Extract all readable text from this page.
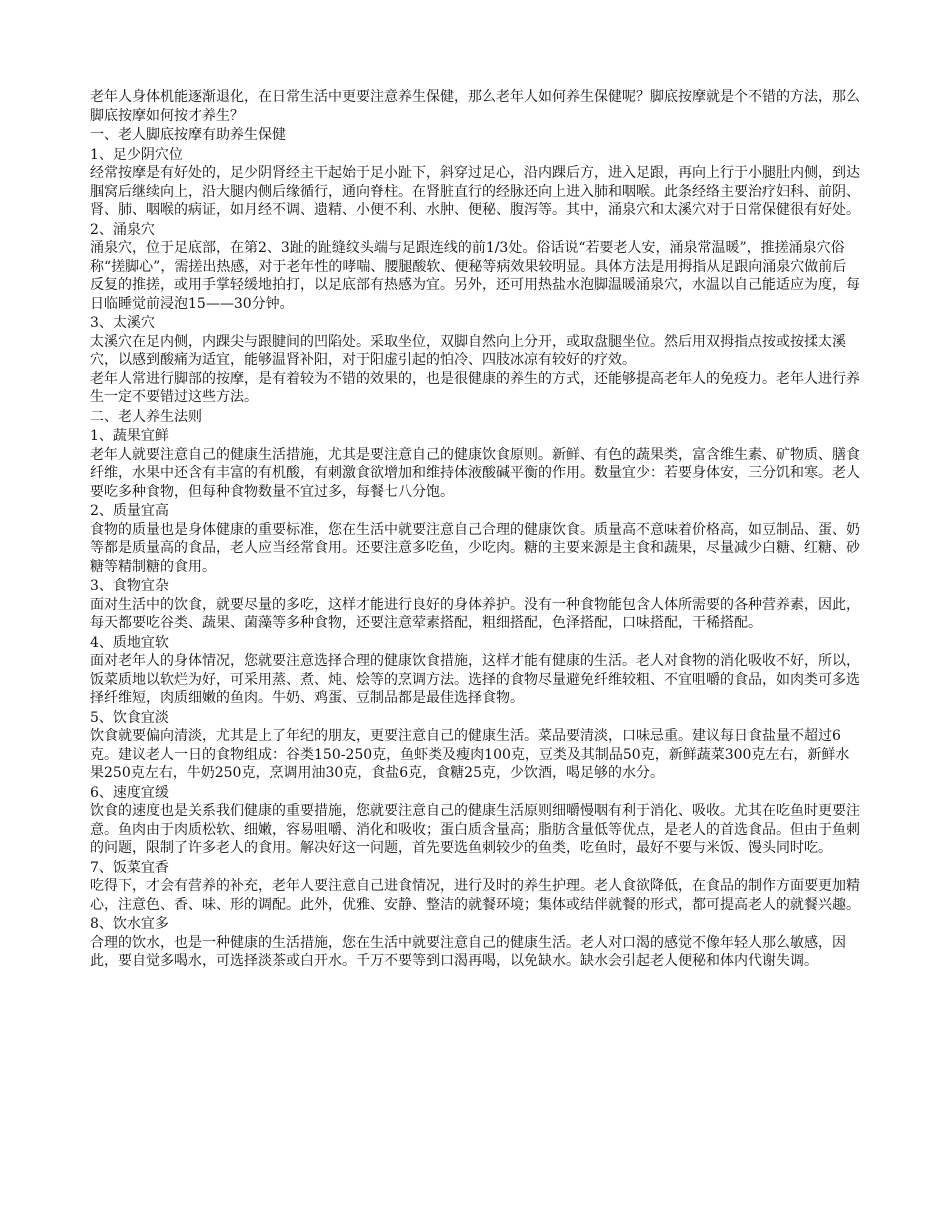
老年人身体机能逐渐退化，在日常生活中更要注意养生保健，那么老年人如何养生保健呢？脚底按摩就是个不错的方法，那么脚底按摩如何按才养生？
一、老人脚底按摩有助养生保健
1、足少阴穴位
经常按摩是有好处的，足少阴肾经主干起始于足小趾下，斜穿过足心，沿内踝后方，进入足跟，再向上行于小腿肚内侧，到达腘窝后继续向上，沿大腿内侧后缘循行，通向脊柱。在肾脏直行的经脉还向上进入肺和咽喉。此条经络主要治疗妇科、前阴、肾、肺、咽喉的病证，如月经不调、遗精、小便不利、水肿、便秘、腹泻等。其中，涌泉穴和太溪穴对于日常保健很有好处。
2、涌泉穴
涌泉穴，位于足底部，在第2、3趾的趾缝纹头端与足跟连线的前1/3处。俗话说“若要老人安，涌泉常温暖”，推搓涌泉穴俗称“搓脚心”，需搓出热感，对于老年性的哮喘、腰腿酸软、便秘等病效果较明显。具体方法是用拇指从足跟向涌泉穴做前后反复的推搓，或用手掌轻缓地拍打，以足底部有热感为宜。另外，还可用热盐水泡脚温暖涌泉穴，水温以自己能适应为度，每日临睡觉前浸泡15——30分钟。
3、太溪穴
太溪穴在足内侧，内踝尖与跟腱间的凹陷处。采取坐位，双脚自然向上分开，或取盘腿坐位。然后用双拇指点按或按揉太溪穴，以感到酸痛为适宜，能够温肾补阳，对于阳虚引起的怕冷、四肢冰凉有较好的疗效。
老年人常进行脚部的按摩，是有着较为不错的效果的，也是很健康的养生的方式，还能够提高老年人的免疫力。老年人进行养生一定不要错过这些方法。
二、老人养生法则
1、蔬果宜鲜
老年人就要注意自己的健康生活措施，尤其是要注意自己的健康饮食原则。新鲜、有色的蔬果类，富含维生素、矿物质、膳食纤维，水果中还含有丰富的有机酸，有刺激食欲增加和维持体液酸碱平衡的作用。数量宜少：若要身体安，三分饥和寒。老人要吃多种食物，但每种食物数量不宜过多，每餐七八分饱。
2、质量宜高
食物的质量也是身体健康的重要标准，您在生活中就要注意自己合理的健康饮食。质量高不意味着价格高，如豆制品、蛋、奶等都是质量高的食品，老人应当经常食用。还要注意多吃鱼，少吃肉。糖的主要来源是主食和蔬果，尽量减少白糖、红糖、砂糖等精制糖的食用。
3、食物宜杂
面对生活中的饮食，就要尽量的多吃，这样才能进行良好的身体养护。没有一种食物能包含人体所需要的各种营养素，因此，每天都要吃谷类、蔬果、菌藻等多种食物，还要注意荤素搭配，粗细搭配，色泽搭配，口味搭配，干稀搭配。
4、质地宜软
面对老年人的身体情况，您就要注意选择合理的健康饮食措施，这样才能有健康的生活。老人对食物的消化吸收不好，所以，饭菜质地以软烂为好，可采用蒸、煮、炖、烩等的烹调方法。选择的食物尽量避免纤维较粗、不宜咀嚼的食品，如肉类可多选择纤维短，肉质细嫩的鱼肉。牛奶、鸡蛋、豆制品都是最佳选择食物。
5、饮食宜淡
饮食就要偏向清淡，尤其是上了年纪的朋友，更要注意自己的健康生活。菜品要清淡，口味忌重。建议每日食盐量不超过6克。建议老人一日的食物组成：谷类150-250克，鱼虾类及瘦肉100克，豆类及其制品50克，新鲜蔬菜300克左右，新鲜水果250克左右，牛奶250克，烹调用油30克，食盐6克，食糖25克，少饮酒，喝足够的水分。
6、速度宜缓
饮食的速度也是关系我们健康的重要措施，您就要注意自己的健康生活原则细嚼慢咽有利于消化、吸收。尤其在吃鱼时更要注意。鱼肉由于肉质松软、细嫩，容易咀嚼、消化和吸收；蛋白质含量高；脂肪含量低等优点，是老人的首选食品。但由于鱼刺的问题，限制了许多老人的食用。解决好这一问题，首先要选鱼刺较少的鱼类，吃鱼时，最好不要与米饭、馒头同时吃。
7、饭菜宜香
吃得下，才会有营养的补充，老年人要注意自己进食情况，进行及时的养生护理。老人食欲降低，在食品的制作方面要更加精心，注意色、香、味、形的调配。此外，优雅、安静、整洁的就餐环境；集体或结伴就餐的形式，都可提高老人的就餐兴趣。
8、饮水宜多
合理的饮水，也是一种健康的生活措施，您在生活中就要注意自己的健康生活。老人对口渴的感觉不像年轻人那么敏感，因此，要自觉多喝水，可选择淡茶或白开水。千万不要等到口渴再喝，以免缺水。缺水会引起老人便秘和体内代谢失调。
